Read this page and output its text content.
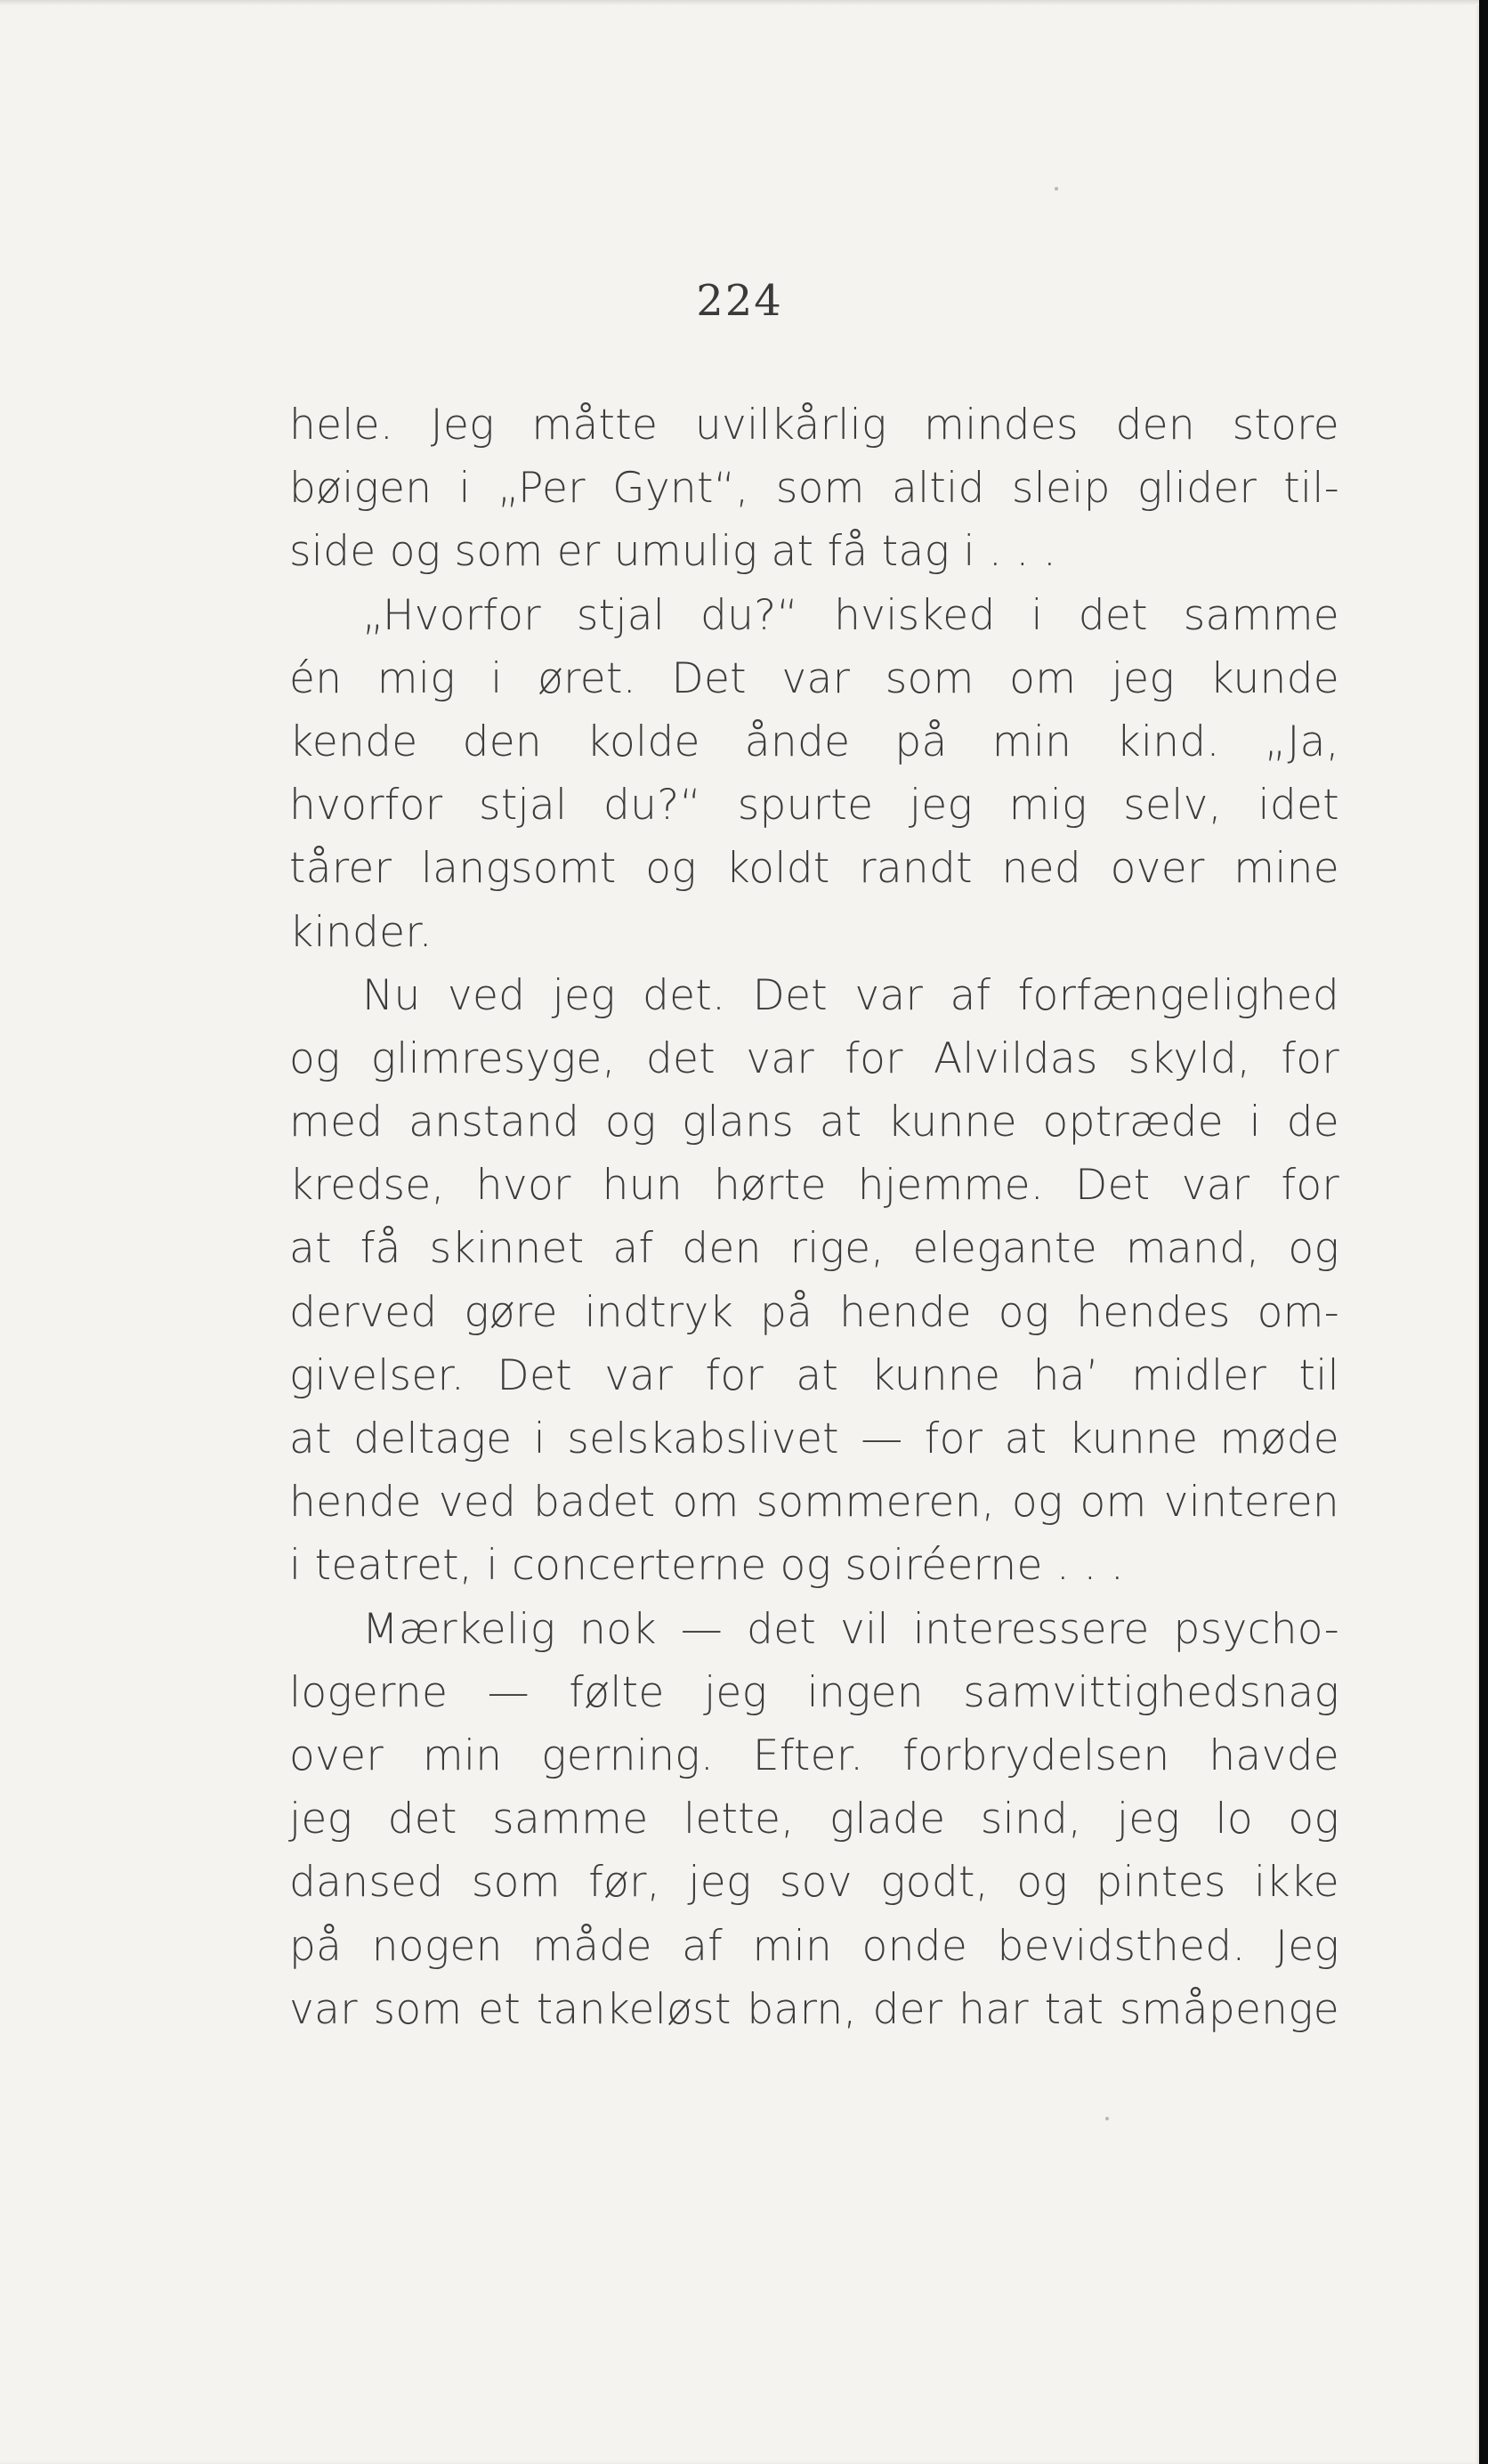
224
hele. Jeg måtte uvilkårlig mindes den store
bøigen i „Per Gynt“, som altid sleip glider til-
side og som er umulig at få tag i . . .
„Hvorfor stjal du?“ hvisked i det samme
én mig i øret. Det var som om jeg kunde
kende den kolde ånde på min kind. „Ja,
hvorfor stjal du?“ spurte jeg mig selv, idet
tårer langsomt og koldt randt ned over mine
kinder.
Nu ved jeg det. Det var af forfængelighed
og glimresyge, det var for Alvildas skyld, for
med anstand og glans at kunne optræde i de
kredse, hvor hun hørte hjemme. Det var for
at få skinnet af den rige, elegante mand, og
derved gøre indtryk på hende og hendes om-
givelser. Det var for at kunne ha’ midler til
at deltage i selskabslivet — for at kunne møde
hende ved badet om sommeren, og om vinteren
i teatret, i concerterne og soiréerne . . .
Mærkelig nok — det vil interessere psycho-
logerne — følte jeg ingen samvittighedsnag
over min gerning. Efter. forbrydelsen havde
jeg det samme lette, glade sind, jeg lo og
dansed som før, jeg sov godt, og pintes ikke
på nogen måde af min onde bevidsthed. Jeg
var som et tankeløst barn, der har tat småpenge
